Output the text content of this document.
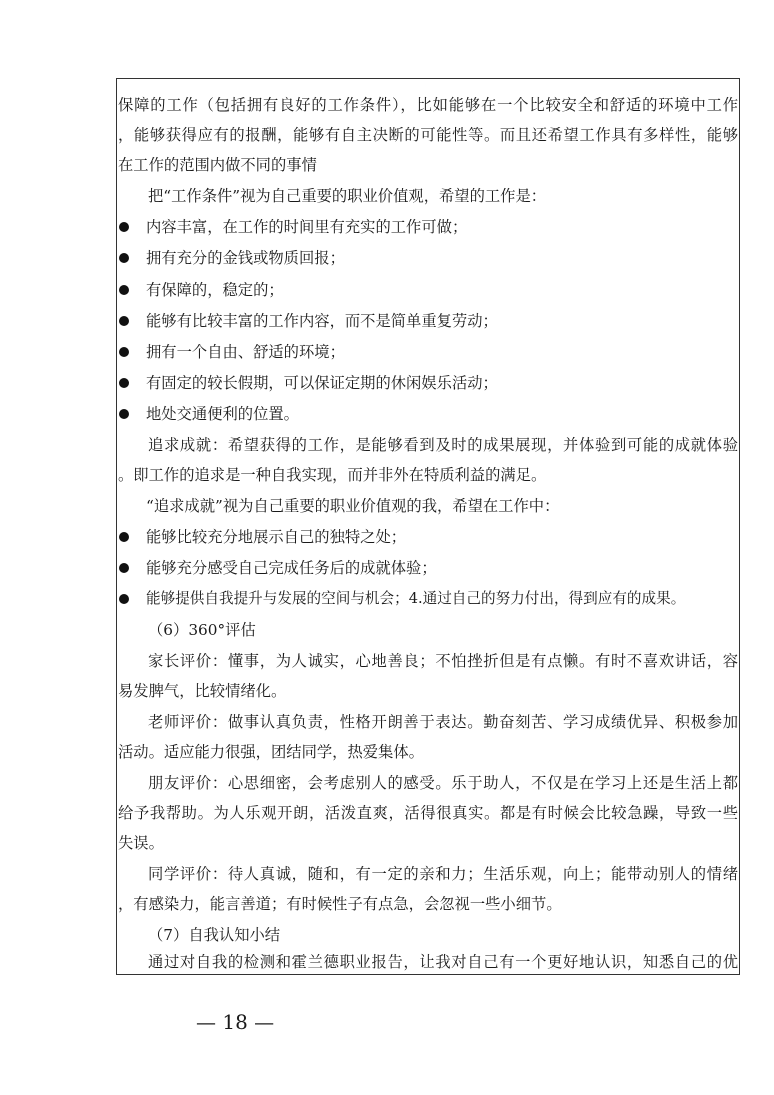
保障的工作（包括拥有良好的工作条件），比如能够在一个比较安全和舒适的环境中工作
，能够获得应有的报酬，能够有自主决断的可能性等。而且还希望工作具有多样性，能够
在工作的范围内做不同的事情
把“工作条件”视为自己重要的职业价值观，希望的工作是：
内容丰富，在工作的时间里有充实的工作可做；
拥有充分的金钱或物质回报；
有保障的，稳定的；
能够有比较丰富的工作内容，而不是简单重复劳动；
拥有一个自由、舒适的环境；
有固定的较长假期，可以保证定期的休闲娱乐活动；
地处交通便利的位置。
追求成就：希望获得的工作，是能够看到及时的成果展现，并体验到可能的成就体验
。即工作的追求是一种自我实现，而并非外在特质利益的满足。
“追求成就”视为自己重要的职业价值观的我，希望在工作中：
能够比较充分地展示自己的独特之处；
能够充分感受自己完成任务后的成就体验；
能够提供自我提升与发展的空间与机会；4.通过自己的努力付出，得到应有的成果。
（6）360°评估
家长评价：懂事，为人诚实，心地善良；不怕挫折但是有点懒。有时不喜欢讲话，容
易发脾气，比较情绪化。
老师评价：做事认真负责，性格开朗善于表达。勤奋刻苦、学习成绩优异、积极参加
活动。适应能力很强，团结同学，热爱集体。
朋友评价：心思细密，会考虑别人的感受。乐于助人，不仅是在学习上还是生活上都
给予我帮助。为人乐观开朗，活泼直爽，活得很真实。都是有时候会比较急躁，导致一些
失误。
同学评价：待人真诚，随和，有一定的亲和力；生活乐观，向上；能带动别人的情绪
，有感染力，能言善道；有时候性子有点急，会忽视一些小细节。
（7）自我认知小结
通过对自我的检测和霍兰德职业报告，让我对自己有一个更好地认识，知悉自己的优
— 18 —
